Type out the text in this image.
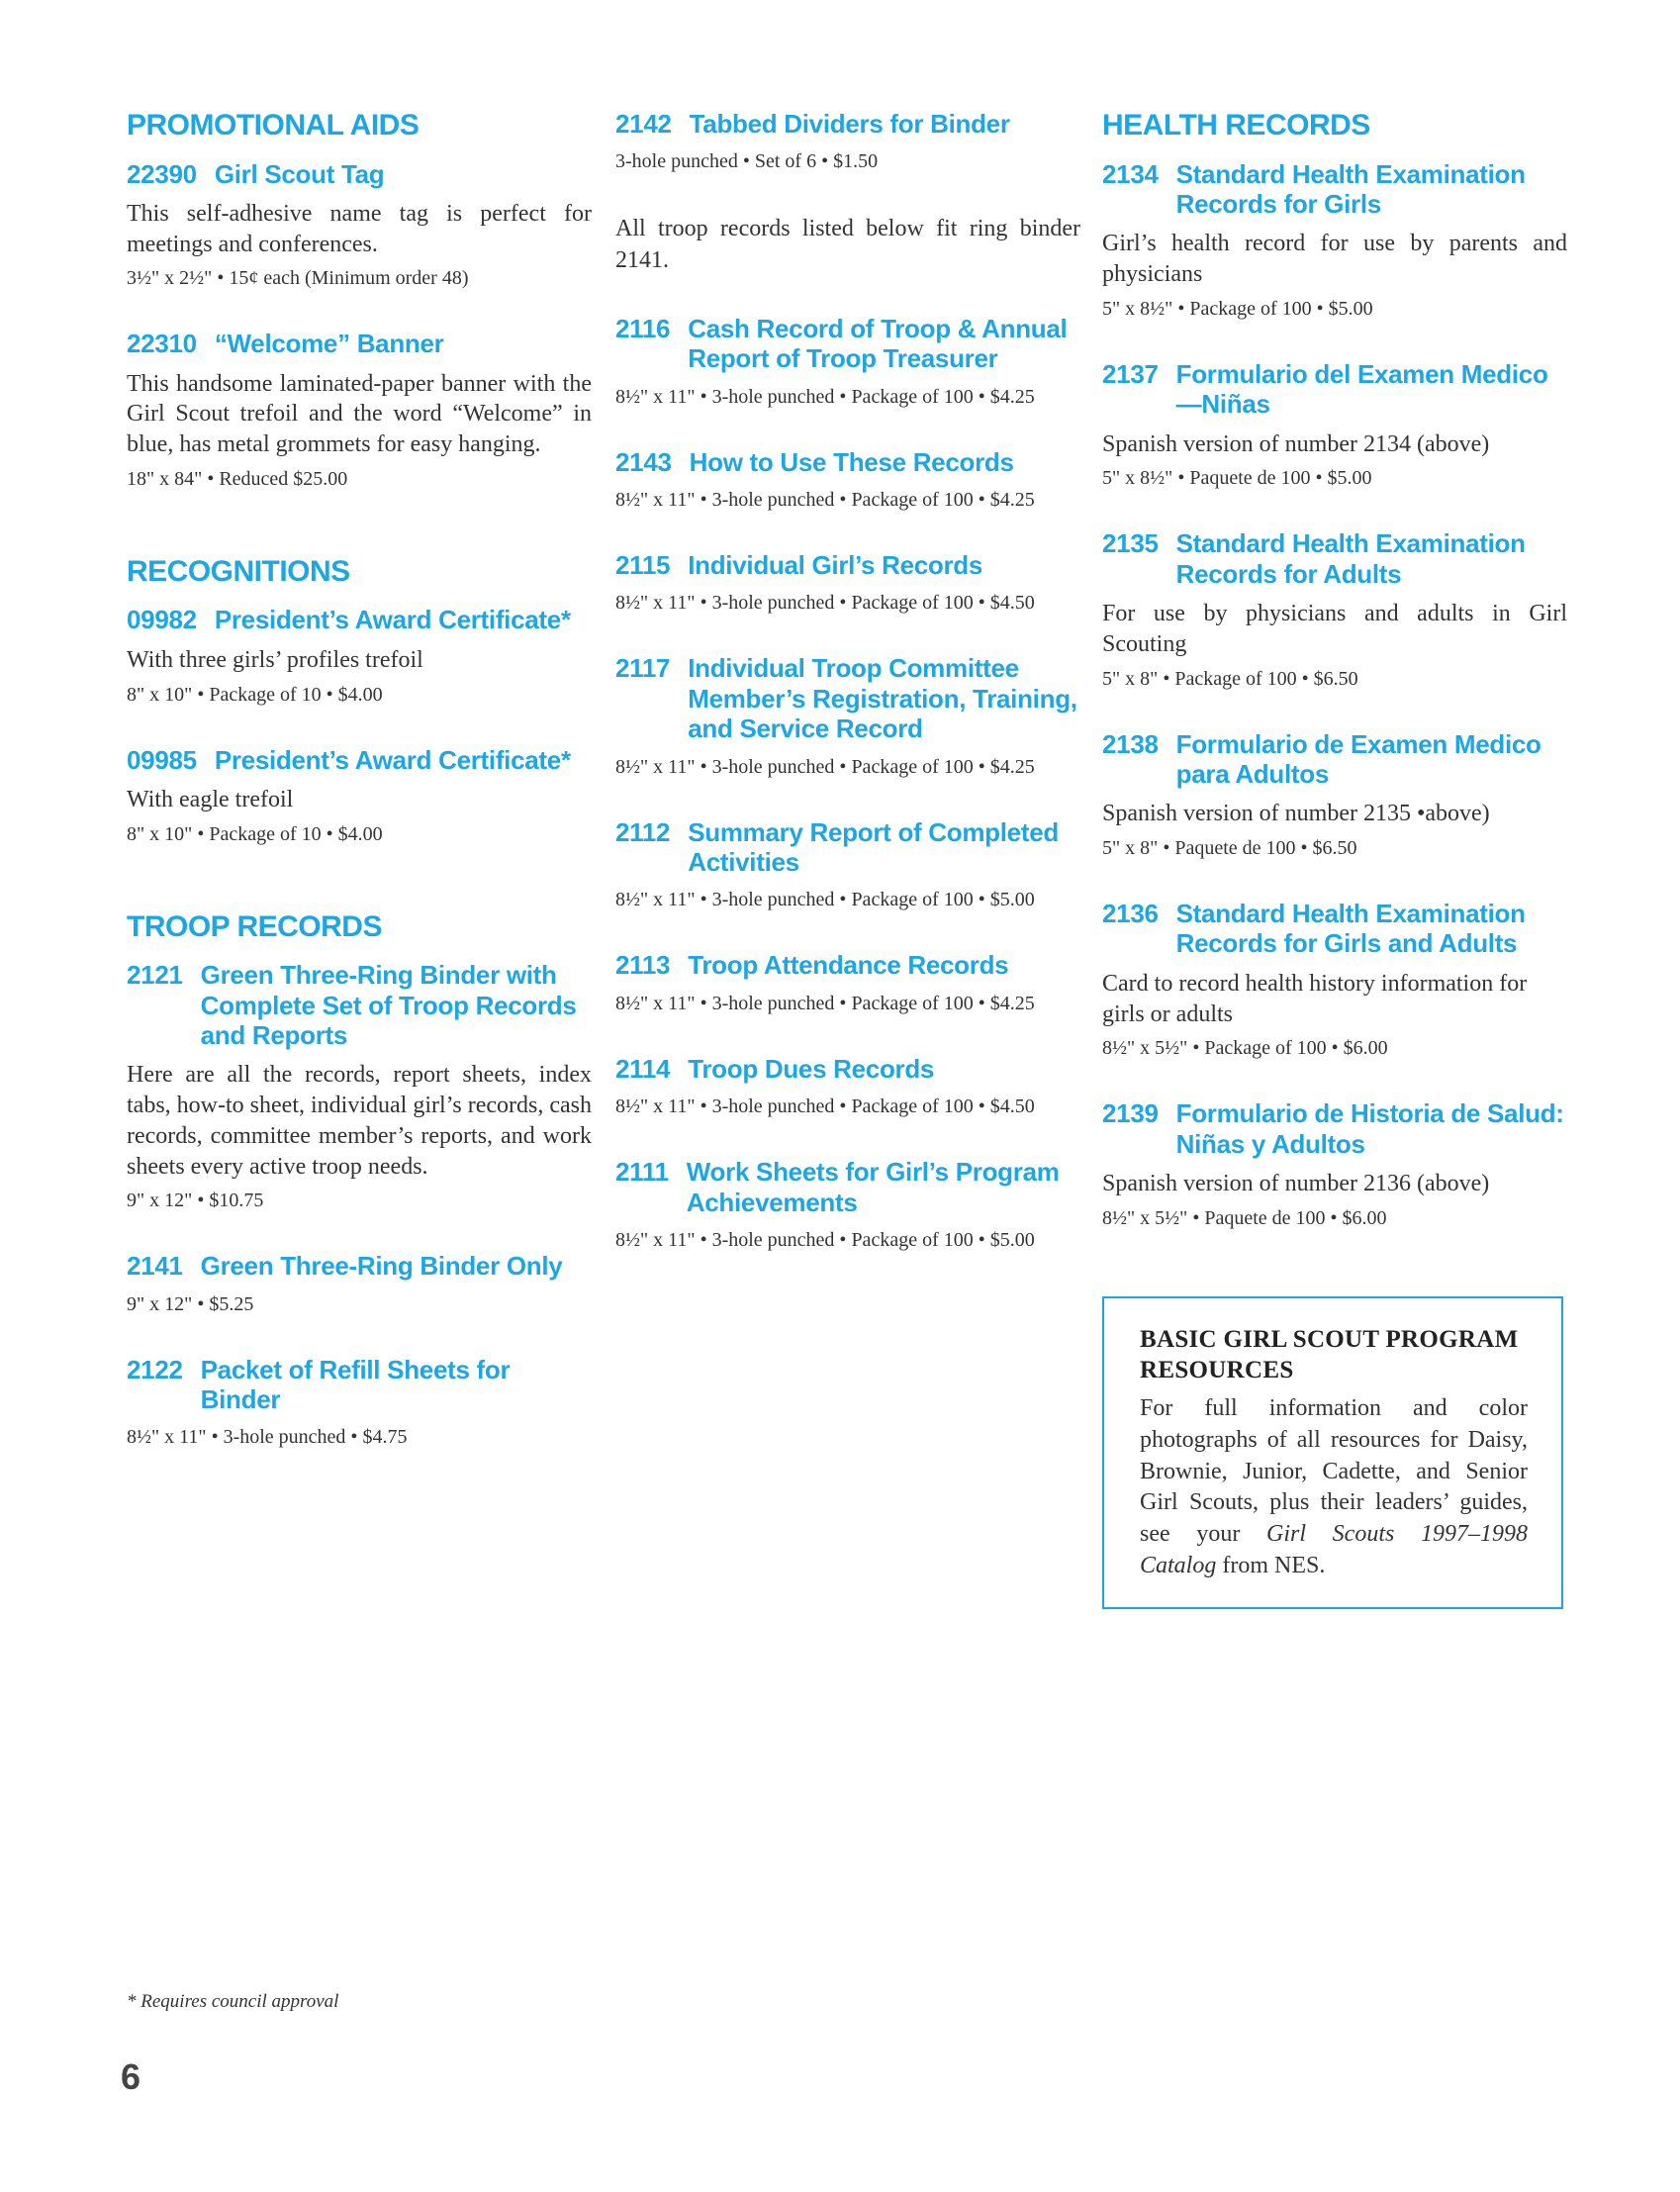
PROMOTIONAL AIDS
22390 Girl Scout Tag

This self-adhesive name tag is perfect for meetings and conferences.

3½" x 2½" • 15¢ each (Minimum order 48)

22310 “Welcome” Banner

This handsome laminated-paper banner with the Girl Scout trefoil and the word “Welcome” in blue, has metal grommets for easy hanging.

18" x 84" • Reduced $25.00

RECOGNITIONS
09982 President’s Award Certificate*

With three girls’ profiles trefoil

8" x 10" • Package of 10 • $4.00

09985 President’s Award Certificate*

With eagle trefoil

8" x 10" • Package of 10 • $4.00

TROOP RECORDS
2121 Green Three-Ring Binder with Complete Set of Troop Records and Reports

Here are all the records, report sheets, index tabs, how-to sheet, individual girl’s records, cash records, committee member’s reports, and work sheets every active troop needs.

9" x 12" • $10.75

2141 Green Three-Ring Binder Only

9" x 12" • $5.25

2122 Packet of Refill Sheets for Binder

8½" x 11" • 3-hole punched • $4.75

2142 Tabbed Dividers for Binder

3-hole punched • Set of 6 • $1.50

All troop records listed below fit ring binder 2141.

2116 Cash Record of Troop & Annual Report of Troop Treasurer

8½" x 11" • 3-hole punched • Package of 100 • $4.25

2143 How to Use These Records

8½" x 11" • 3-hole punched • Package of 100 • $4.25

2115 Individual Girl’s Records

8½" x 11" • 3-hole punched • Package of 100 • $4.50

2117 Individual Troop Committee Member’s Registration, Training, and Service Record

8½" x 11" • 3-hole punched • Package of 100 • $4.25

2112 Summary Report of Completed Activities

8½" x 11" • 3-hole punched • Package of 100 • $5.00

2113 Troop Attendance Records

8½" x 11" • 3-hole punched • Package of 100 • $4.25

2114 Troop Dues Records

8½" x 11" • 3-hole punched • Package of 100 • $4.50

2111 Work Sheets for Girl’s Program Achievements

8½" x 11" • 3-hole punched • Package of 100 • $5.00

HEALTH RECORDS
2134 Standard Health Examination Records for Girls

Girl’s health record for use by parents and physicians

5" x 8½" • Package of 100 • $5.00

2137 Formulario del Examen Medico—Niñas

Spanish version of number 2134 (above)

5" x 8½" • Paquete de 100 • $5.00

2135 Standard Health Examination Records for Adults

For use by physicians and adults in Girl Scouting

5" x 8" • Package of 100 • $6.50

2138 Formulario de Examen Medico para Adultos

Spanish version of number 2135 •above)

5" x 8" • Paquete de 100 • $6.50

2136 Standard Health Examination Records for Girls and Adults

Card to record health history information for girls or adults

8½" x 5½" • Package of 100 • $6.00

2139 Formulario de Historia de Salud: Niñas y Adultos

Spanish version of number 2136 (above)

8½" x 5½" • Paquete de 100 • $6.00

BASIC GIRL SCOUT PROGRAM RESOURCES
For full information and color photographs of all resources for Daisy, Brownie, Junior, Cadette, and Senior Girl Scouts, plus their leaders’ guides, see your Girl Scouts 1997–1998 Catalog from NES.
* Requires council approval
6
